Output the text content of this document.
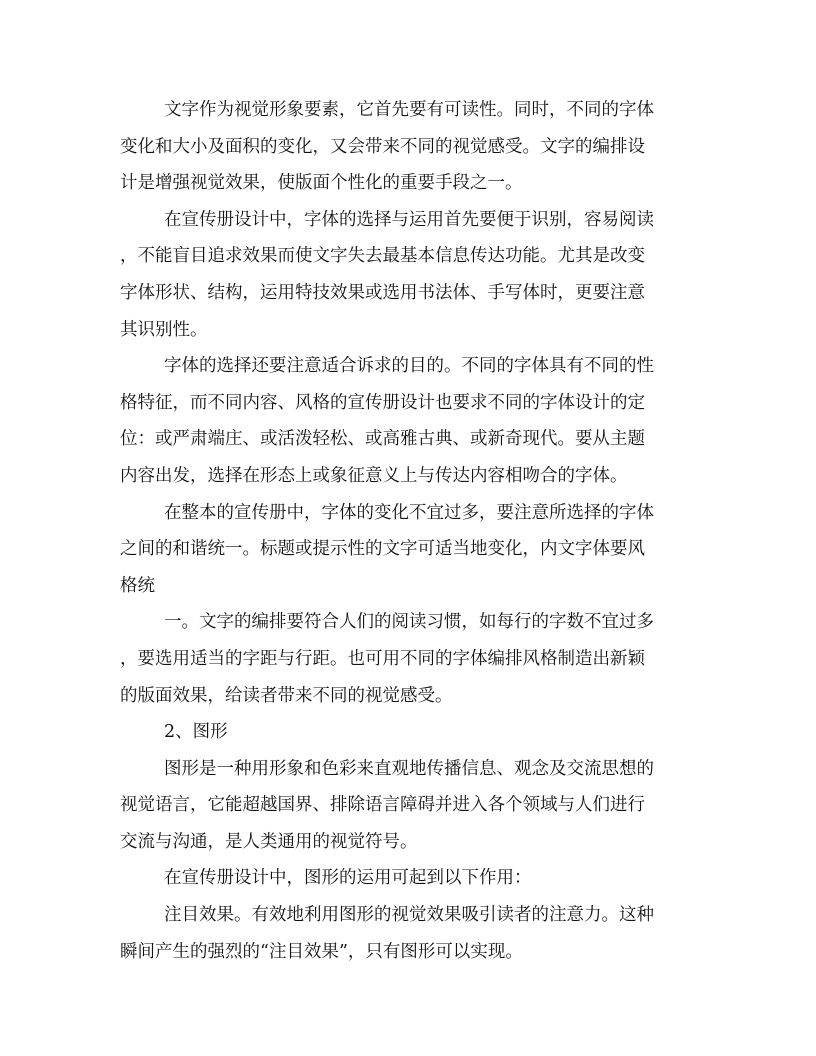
文字作为视觉形象要素，它首先要有可读性。同时，不同的字体
变化和大小及面积的变化，又会带来不同的视觉感受。文字的编排设
计是增强视觉效果，使版面个性化的重要手段之一。
在宣传册设计中，字体的选择与运用首先要便于识别，容易阅读
，不能盲目追求效果而使文字失去最基本信息传达功能。尤其是改变
字体形状、结构，运用特技效果或选用书法体、手写体时，更要注意
其识别性。
字体的选择还要注意适合诉求的目的。不同的字体具有不同的性
格特征，而不同内容、风格的宣传册设计也要求不同的字体设计的定
位：或严肃端庄、或活泼轻松、或高雅古典、或新奇现代。要从主题
内容出发，选择在形态上或象征意义上与传达内容相吻合的字体。
在整本的宣传册中，字体的变化不宜过多，要注意所选择的字体
之间的和谐统一。标题或提示性的文字可适当地变化，内文字体要风
格统
一。文字的编排要符合人们的阅读习惯，如每行的字数不宜过多
，要选用适当的字距与行距。也可用不同的字体编排风格制造出新颖
的版面效果，给读者带来不同的视觉感受。
2、图形
图形是一种用形象和色彩来直观地传播信息、观念及交流思想的
视觉语言，它能超越国界、排除语言障碍并进入各个领域与人们进行
交流与沟通，是人类通用的视觉符号。
在宣传册设计中，图形的运用可起到以下作用：
注目效果。有效地利用图形的视觉效果吸引读者的注意力。这种
瞬间产生的强烈的“注目效果”，只有图形可以实现。
